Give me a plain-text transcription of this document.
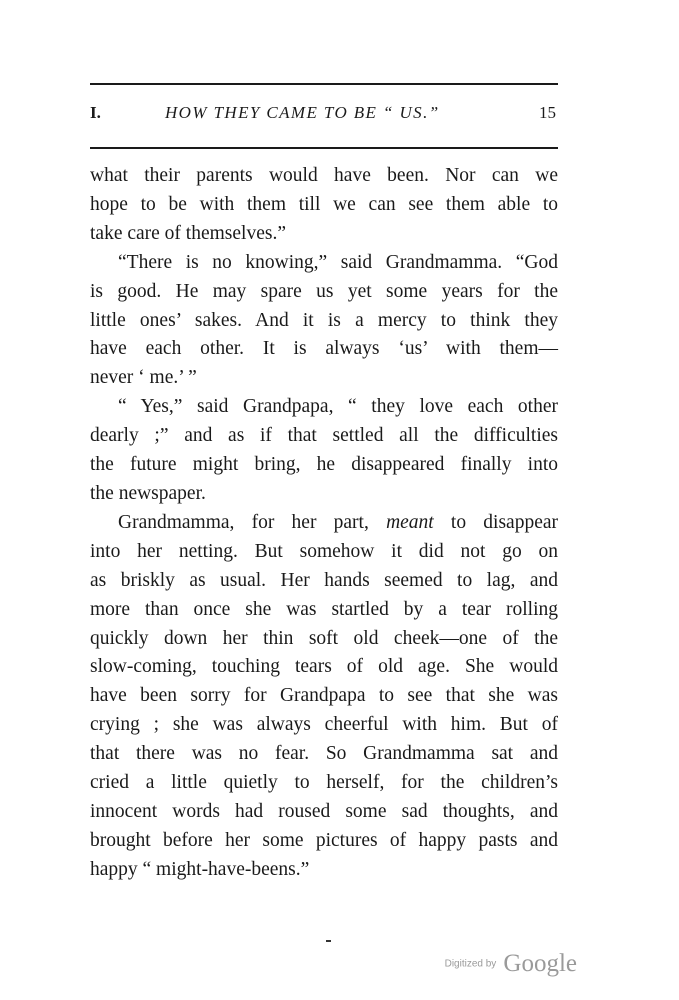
I.	HOW THEY CAME TO BE “ US.”	15
what their parents would have been. Nor can we
hope to be with them till we can see them able to
take care of themselves.”
“There is no knowing,” said Grandmamma. “God
is good. He may spare us yet some years for the
little ones’ sakes. And it is a mercy to think they
have each other. It is always ‘us’ with them—
never ‘ me.’ ”
“ Yes,” said Grandpapa, “ they love each other
dearly ;” and as if that settled all the difficulties
the future might bring, he disappeared finally into
the newspaper.
Grandmamma, for her part, meant to disappear
into her netting. But somehow it did not go on
as briskly as usual. Her hands seemed to lag, and
more than once she was startled by a tear rolling
quickly down her thin soft old cheek—one of the
slow-coming, touching tears of old age. She would
have been sorry for Grandpapa to see that she was
crying ; she was always cheerful with him. But of
that there was no fear. So Grandmamma sat and
cried a little quietly to herself, for the children’s
innocent words had roused some sad thoughts, and
brought before her some pictures of happy pasts and
happy “ might-have-beens.”
Digitized by Google
